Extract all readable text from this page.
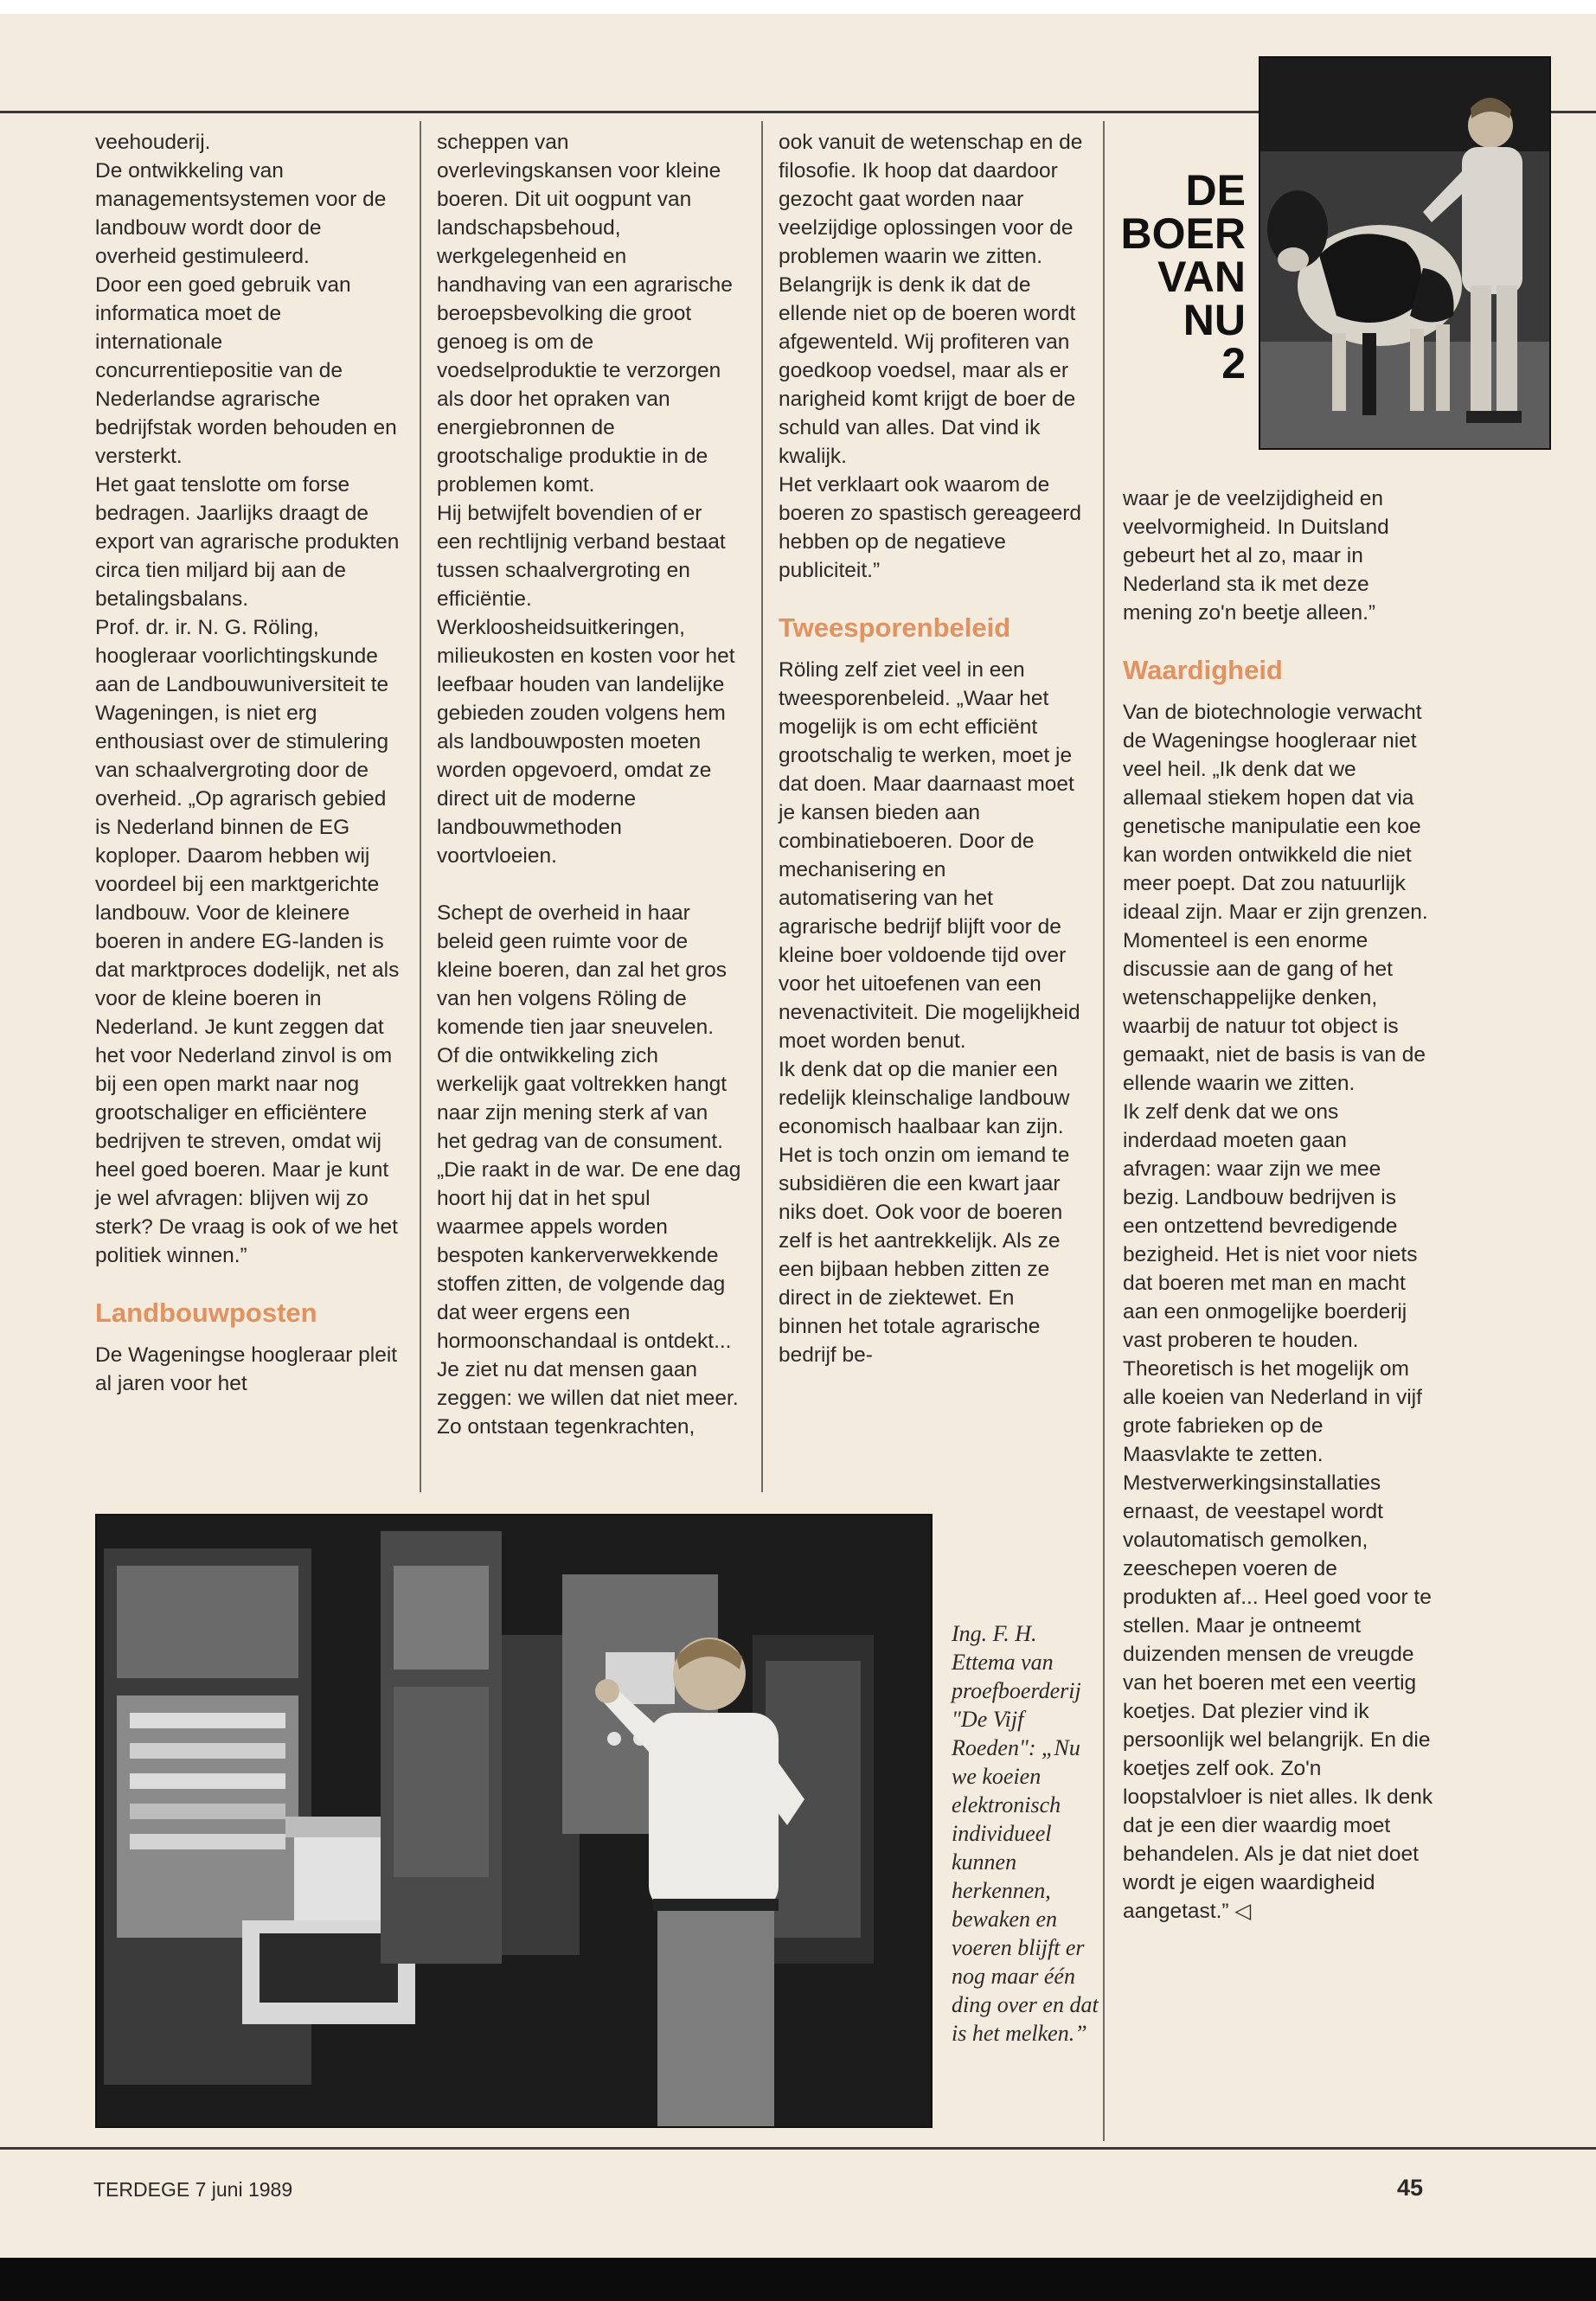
veehouderij.

De ontwikkeling van managementsystemen voor de landbouw wordt door de overheid gestimuleerd.

Door een goed gebruik van informatica moet de internationale concurrentiepositie van de Nederlandse agrarische bedrijfstak worden behouden en versterkt.

Het gaat tenslotte om forse bedragen. Jaarlijks draagt de export van agrarische produkten circa tien miljard bij aan de betalingsbalans.

Prof. dr. ir. N. G. Röling, hoogleraar voorlichtingskunde aan de Landbouwuniversiteit te Wageningen, is niet erg enthousiast over de stimulering van schaalvergroting door de overheid. „Op agrarisch gebied is Nederland binnen de EG koploper. Daarom hebben wij voordeel bij een marktgerichte landbouw. Voor de kleinere boeren in andere EG-landen is dat marktproces dodelijk, net als voor de kleine boeren in Nederland. Je kunt zeggen dat het voor Nederland zinvol is om bij een open markt naar nog grootschaliger en efficiëntere bedrijven te streven, omdat wij heel goed boeren. Maar je kunt je wel afvragen: blijven wij zo sterk? De vraag is ook of we het politiek winnen.”

Landbouwposten

De Wageningse hoogleraar pleit al jaren voor het

scheppen van overlevingskansen voor kleine boeren. Dit uit oogpunt van landschapsbehoud, werkgelegenheid en handhaving van een agrarische beroepsbevolking die groot genoeg is om de voedselproduktie te verzorgen als door het opraken van energiebronnen de grootschalige produktie in de problemen komt.

Hij betwijfelt bovendien of er een rechtlijnig verband bestaat tussen schaalvergroting en efficiëntie. Werkloosheidsuitkeringen, milieukosten en kosten voor het leefbaar houden van landelijke gebieden zouden volgens hem als landbouwposten moeten worden opgevoerd, omdat ze direct uit de moderne landbouwmethoden voortvloeien.

Schept de overheid in haar beleid geen ruimte voor de kleine boeren, dan zal het gros van hen volgens Röling de komende tien jaar sneuvelen. Of die ontwikkeling zich werkelijk gaat voltrekken hangt naar zijn mening sterk af van het gedrag van de consument.

„Die raakt in de war. De ene dag hoort hij dat in het spul waarmee appels worden bespoten kankerverwekkende stoffen zitten, de volgende dag dat weer ergens een hormoonschandaal is ontdekt... Je ziet nu dat mensen gaan zeggen: we willen dat niet meer. Zo ontstaan tegenkrachten,

ook vanuit de wetenschap en de filosofie. Ik hoop dat daardoor gezocht gaat worden naar veelzijdige oplossingen voor de problemen waarin we zitten. Belangrijk is denk ik dat de ellende niet op de boeren wordt afgewenteld. Wij profiteren van goedkoop voedsel, maar als er narigheid komt krijgt de boer de schuld van alles. Dat vind ik kwalijk.

Het verklaart ook waarom de boeren zo spastisch gereageerd hebben op de negatieve publiciteit.”

Tweesporenbeleid

Röling zelf ziet veel in een tweesporenbeleid. „Waar het mogelijk is om echt efficiënt grootschalig te werken, moet je dat doen. Maar daarnaast moet je kansen bieden aan combinatieboeren. Door de mechanisering en automatisering van het agrarische bedrijf blijft voor de kleine boer voldoende tijd over voor het uitoefenen van een nevenactiviteit. Die mogelijkheid moet worden benut.

Ik denk dat op die manier een redelijk kleinschalige landbouw economisch haalbaar kan zijn. Het is toch onzin om iemand te subsidiëren die een kwart jaar niks doet. Ook voor de boeren zelf is het aantrekkelijk. Als ze een bijbaan hebben zitten ze direct in de ziektewet. En binnen het totale agrarische bedrijf be-

DE
BOER
VAN
NU
2

waar je de veelzijdigheid en veelvormigheid. In Duitsland gebeurt het al zo, maar in Nederland sta ik met deze mening zo'n beetje alleen.”

Waardigheid

Van de biotechnologie verwacht de Wageningse hoogleraar niet veel heil. „Ik denk dat we allemaal stiekem hopen dat via genetische manipulatie een koe kan worden ontwikkeld die niet meer poept. Dat zou natuurlijk ideaal zijn. Maar er zijn grenzen. Momenteel is een enorme discussie aan de gang of het wetenschappelijke denken, waarbij de natuur tot object is gemaakt, niet de basis is van de ellende waarin we zitten.

Ik zelf denk dat we ons inderdaad moeten gaan afvragen: waar zijn we mee bezig. Landbouw bedrijven is een ontzettend bevredigende bezigheid. Het is niet voor niets dat boeren met man en macht aan een onmogelijke boerderij vast proberen te houden. Theoretisch is het mogelijk om alle koeien van Nederland in vijf grote fabrieken op de Maasvlakte te zetten. Mestverwerkingsinstallaties ernaast, de veestapel wordt volautomatisch gemolken, zeeschepen voeren de produkten af... Heel goed voor te stellen. Maar je ontneemt duizenden mensen de vreugde van het boeren met een veertig koetjes. Dat plezier vind ik persoonlijk wel belangrijk. En die koetjes zelf ook. Zo'n loopstalvloer is niet alles. Ik denk dat je een dier waardig moet behandelen. Als je dat niet doet wordt je eigen waardigheid aangetast.” ◁

Ing. F. H. Ettema van proefboerderij "De Vijf Roeden": „Nu we koeien elektronisch individueel kunnen herkennen, bewaken en voeren blijft er nog maar één ding over en dat is het melken.”

TERDEGE 7 juni 1989	45
